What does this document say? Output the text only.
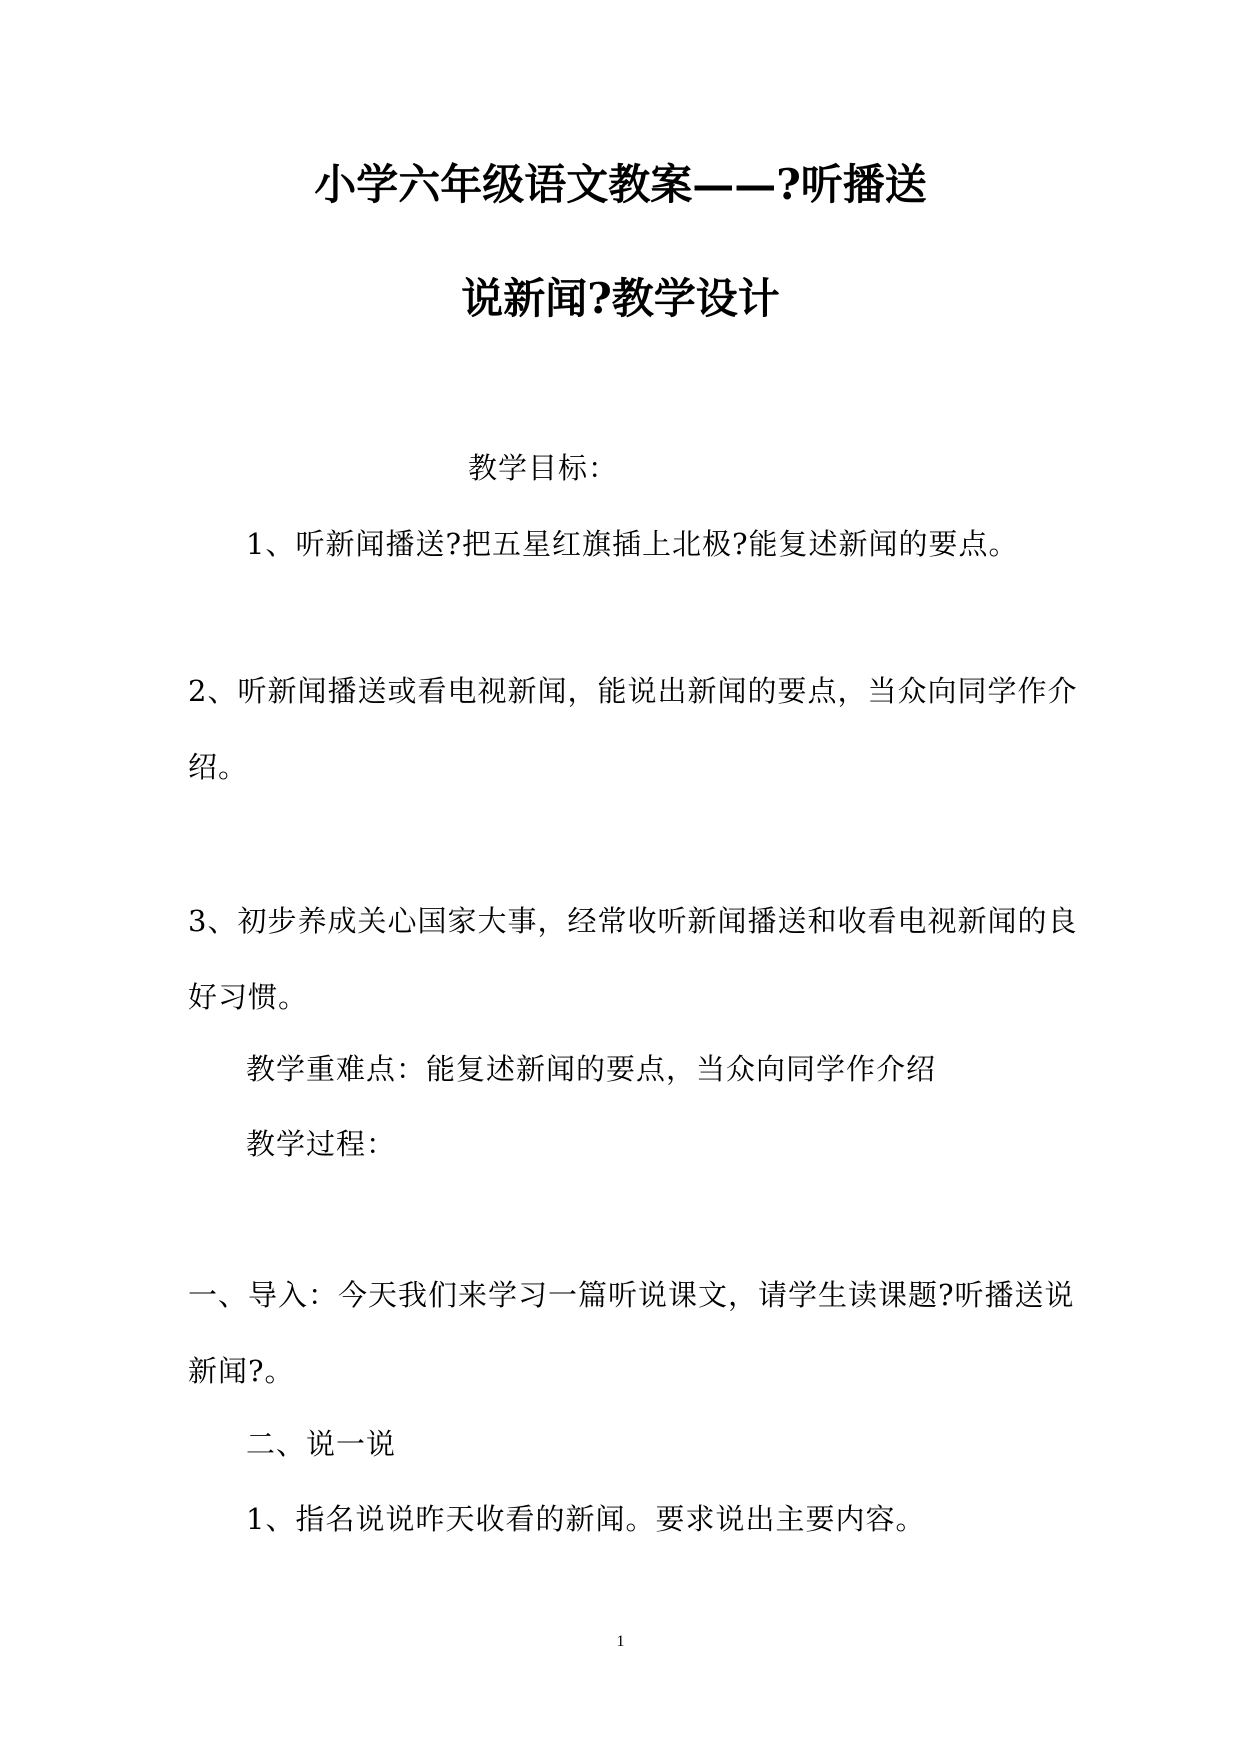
小学六年级语文教案——?听播送
说新闻?教学设计
教学目标：
1、听新闻播送?把五星红旗插上北极?能复述新闻的要点。
2、听新闻播送或看电视新闻，能说出新闻的要点，当众向同学作介
绍。
3、初步养成关心国家大事，经常收听新闻播送和收看电视新闻的良
好习惯。
教学重难点：能复述新闻的要点，当众向同学作介绍
教学过程：
一、导入：今天我们来学习一篇听说课文，请学生读课题?听播送说
新闻?。
二、说一说
1、指名说说昨天收看的新闻。要求说出主要内容。
1
